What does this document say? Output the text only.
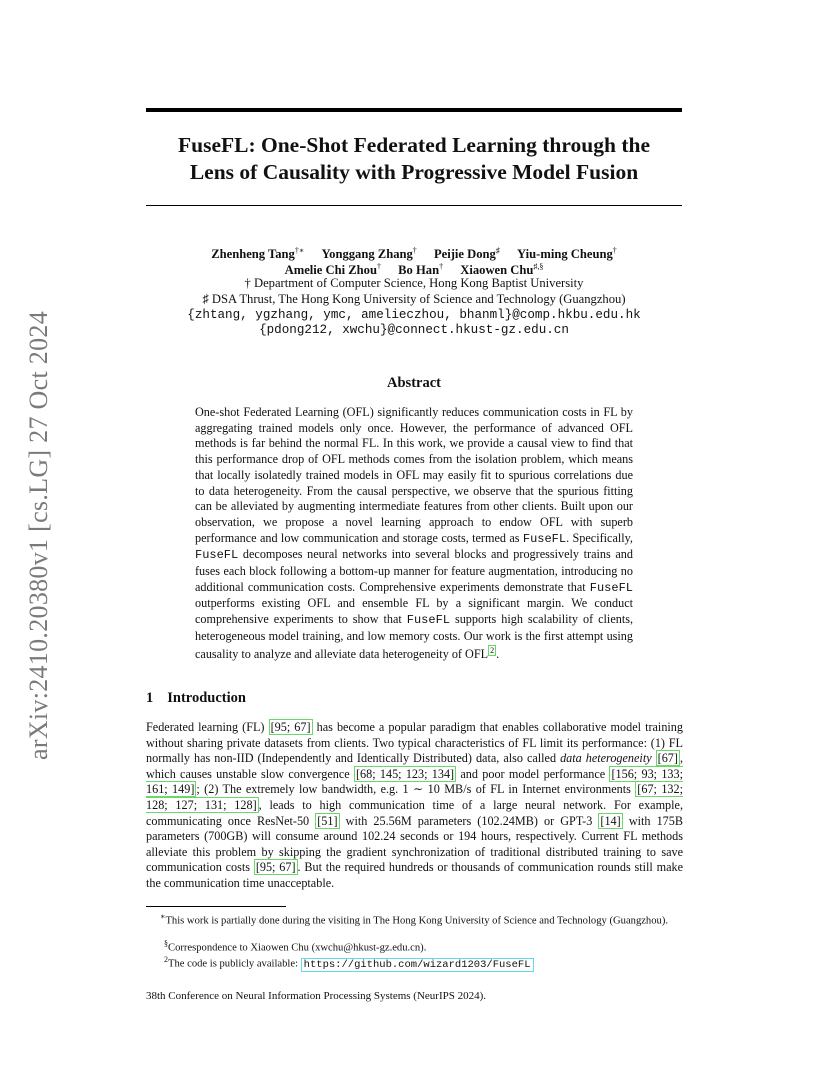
arXiv:2410.20380v1 [cs.LG] 27 Oct 2024
FuseFL: One-Shot Federated Learning through the
Lens of Causality with Progressive Model Fusion
Zhenheng Tang†∗ Yonggang Zhang† Peijie Dong♯ Yiu-ming Cheung†
Amelie Chi Zhou† Bo Han† Xiaowen Chu♯,§
† Department of Computer Science, Hong Kong Baptist University
♯ DSA Thrust, The Hong Kong University of Science and Technology (Guangzhou)
{zhtang, ygzhang, ymc, amelieczhou, bhanml}@comp.hkbu.edu.hk
{pdong212, xwchu}@connect.hkust-gz.edu.cn
Abstract
One-shot Federated Learning (OFL) significantly reduces communication costs in FL by aggregating trained models only once. However, the performance of advanced OFL methods is far behind the normal FL. In this work, we provide a causal view to find that this performance drop of OFL methods comes from the isolation problem, which means that locally isolatedly trained models in OFL may easily fit to spurious correlations due to data heterogeneity. From the causal perspective, we observe that the spurious fitting can be alleviated by augmenting intermediate features from other clients. Built upon our observation, we propose a novel learning approach to endow OFL with superb performance and low communication and storage costs, termed as FuseFL. Specifically, FuseFL decomposes neural networks into several blocks and progressively trains and fuses each block following a bottom-up manner for feature augmentation, introducing no additional communication costs. Comprehensive experiments demonstrate that FuseFL outperforms existing OFL and ensemble FL by a significant margin. We conduct comprehensive experiments to show that FuseFL supports high scalability of clients, heterogeneous model training, and low memory costs. Our work is the first attempt using causality to analyze and alleviate data heterogeneity of OFL $^2$ .
1 Introduction
Federated learning (FL) [95; 67] has become a popular paradigm that enables collaborative model training without sharing private datasets from clients. Two typical characteristics of FL limit its performance: (1) FL normally has non-IID (Independently and Identically Distributed) data, also called data heterogeneity [67] , which causes unstable slow convergence [68; 145; 123; 134] and poor model performance [156; 93; 133; 161; 149] ; (2) The extremely low bandwidth, e.g. 1 ∼ 10 MB/s of FL in Internet environments [67; 132; 128; 127; 131; 128] , leads to high communication time of a large neural network. For example, communicating once ResNet-50 [51] with 25.56M parameters (102.24MB) or GPT-3 [14] with 175B parameters (700GB) will consume around 102.24 seconds or 194 hours, respectively. Current FL methods alleviate this problem by skipping the gradient synchronization of traditional distributed training to save communication costs [95; 67] . But the required hundreds or thousands of communication rounds still make the communication time unacceptable.
∗This work is partially done during the visiting in The Hong Kong University of Science and Technology (Guangzhou).
§Correspondence to Xiaowen Chu (xwchu@hkust-gz.edu.cn).
$^2$The code is publicly available: https://github.com/wizard1203/FuseFL
38th Conference on Neural Information Processing Systems (NeurIPS 2024).
